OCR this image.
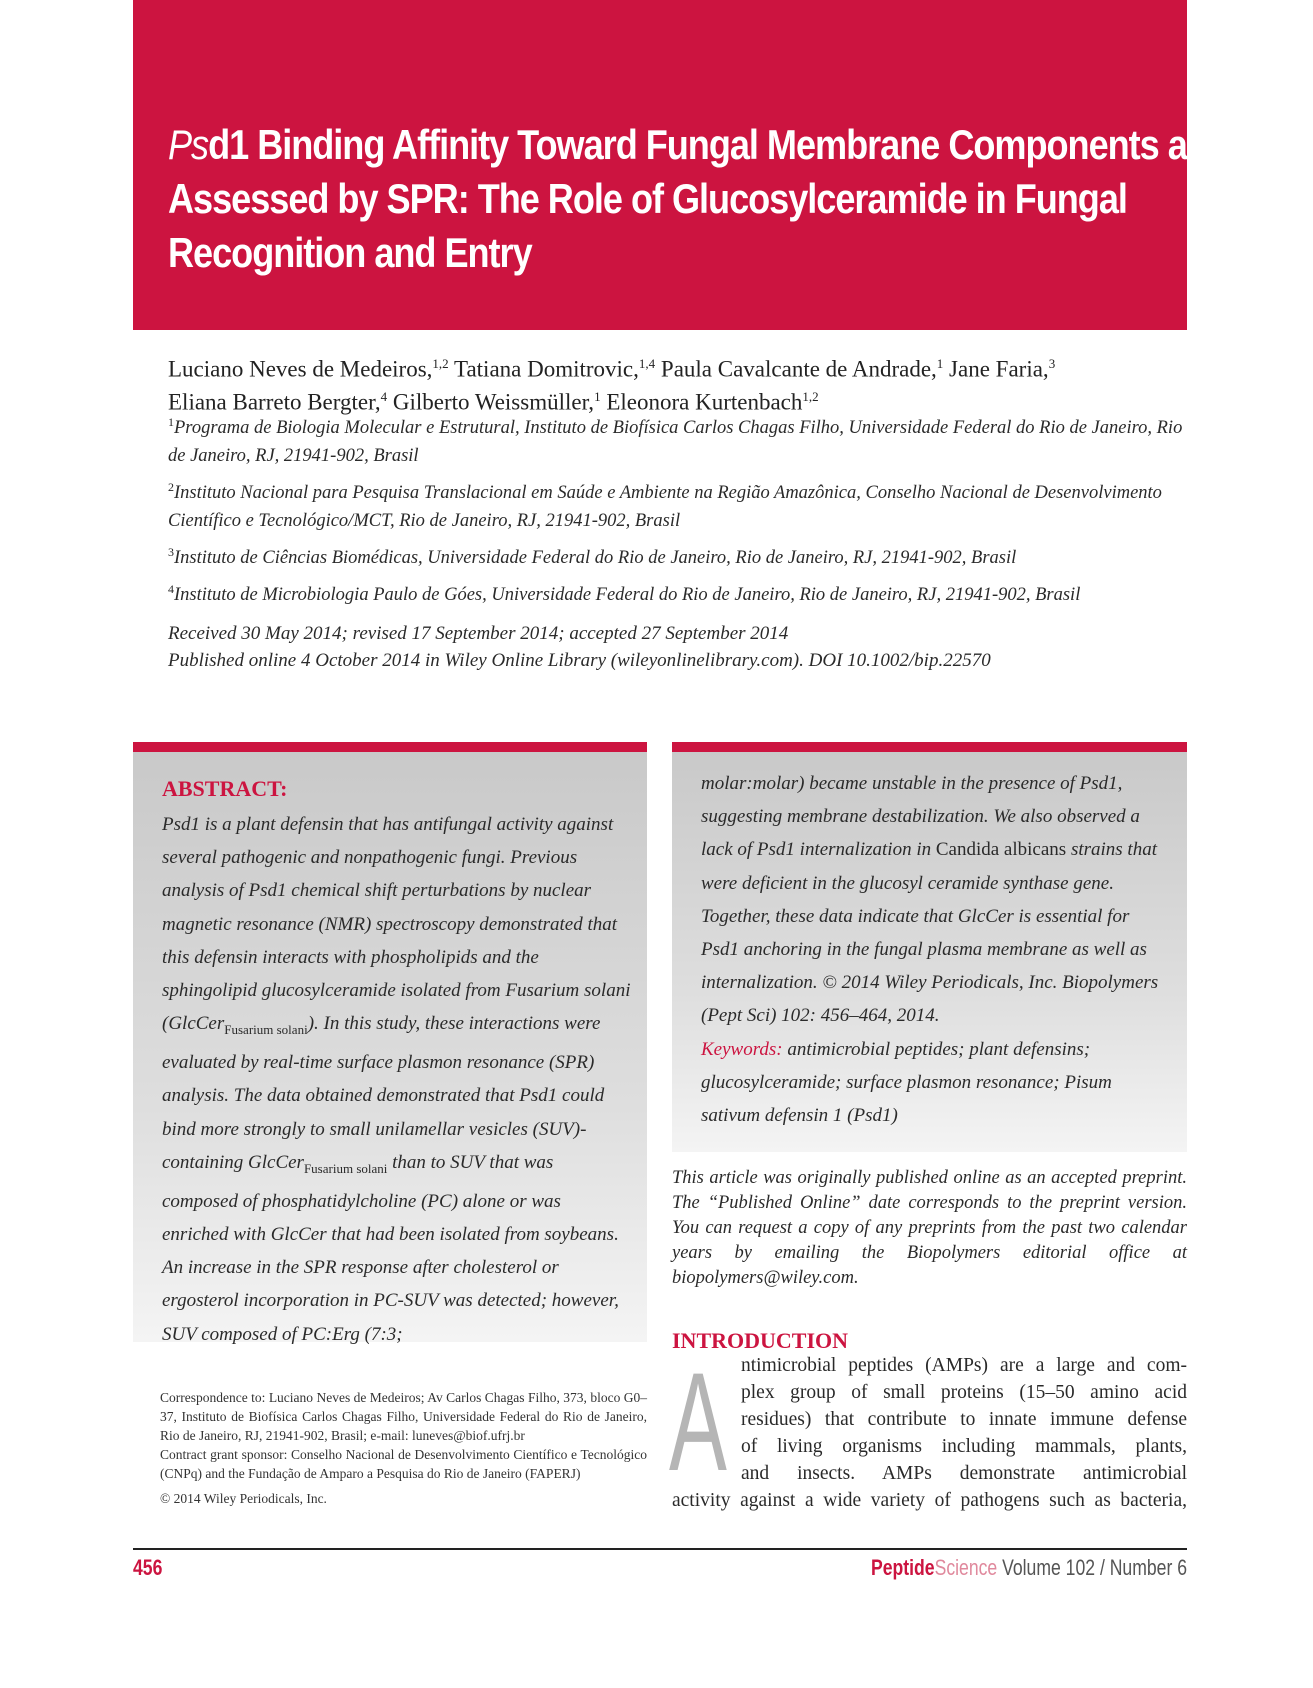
Psd1 Binding Affinity Toward Fungal Membrane Components as
Assessed by SPR: The Role of Glucosylceramide in Fungal
Recognition and Entry
Luciano Neves de Medeiros,$^{1,2}$ Tatiana Domitrovic,$^{1,4}$ Paula Cavalcante de Andrade,$^1$ Jane Faria,$^3$
Eliana Barreto Bergter,$^4$ Gilberto Weissmüller,$^1$ Eleonora Kurtenbach$^{1,2}$
$^1$Programa de Biologia Molecular e Estrutural, Instituto de Biofísica Carlos Chagas Filho, Universidade Federal do Rio de Janeiro, Rio de Janeiro, RJ, 21941-902, Brasil
$^2$Instituto Nacional para Pesquisa Translacional em Saúde e Ambiente na Região Amazônica, Conselho Nacional de Desenvolvimento Científico e Tecnológico/MCT, Rio de Janeiro, RJ, 21941-902, Brasil
$^3$Instituto de Ciências Biomédicas, Universidade Federal do Rio de Janeiro, Rio de Janeiro, RJ, 21941-902, Brasil
$^4$Instituto de Microbiologia Paulo de Góes, Universidade Federal do Rio de Janeiro, Rio de Janeiro, RJ, 21941-902, Brasil
Received 30 May 2014; revised 17 September 2014; accepted 27 September 2014
Published online 4 October 2014 in Wiley Online Library (wileyonlinelibrary.com). DOI 10.1002/bip.22570
ABSTRACT:

Psd1 is a plant defensin that has antifungal activity against several pathogenic and nonpathogenic fungi. Previous analysis of Psd1 chemical shift perturbations by nuclear magnetic resonance (NMR) spectroscopy demonstrated that this defensin interacts with phospholipids and the sphingolipid glucosylceramide isolated from Fusarium solani (GlcCer$_{Fusarium solani}$). In this study, these interactions were evaluated by real-time surface plasmon resonance (SPR) analysis. The data obtained demonstrated that Psd1 could bind more strongly to small unilamellar vesicles (SUV)-containing GlcCer$_{Fusarium solani}$ than to SUV that was composed of phosphatidylcholine (PC) alone or was enriched with GlcCer that had been isolated from soybeans. An increase in the SPR response after cholesterol or ergosterol incorporation in PC-SUV was detected; however, SUV composed of PC:Erg (7:3;

molar:molar) became unstable in the presence of Psd1, suggesting membrane destabilization. We also observed a lack of Psd1 internalization in Candida albicans strains that were deficient in the glucosyl ceramide synthase gene. Together, these data indicate that GlcCer is essential for Psd1 anchoring in the fungal plasma membrane as well as internalization. © 2014 Wiley Periodicals, Inc. Biopolymers (Pept Sci) 102: 456–464, 2014.
Keywords: antimicrobial peptides; plant defensins; glucosylceramide; surface plasmon resonance; Pisum sativum defensin 1 (Psd1)

This article was originally published online as an accepted preprint. The “Published Online” date corresponds to the preprint version. You can request a copy of any preprints from the past two calendar years by emailing the Biopolymers editorial office at biopolymers@wiley.com.

INTRODUCTION
A ntimicrobial peptides (AMPs) are a large and com-
plex group of small proteins (15–50 amino acid
residues) that contribute to innate immune defense
of living organisms including mammals, plants,
and insects. AMPs demonstrate antimicrobial
activity against a wide variety of pathogens such as bacteria,

Correspondence to: Luciano Neves de Medeiros; Av Carlos Chagas Filho, 373, bloco G0–37, Instituto de Biofísica Carlos Chagas Filho, Universidade Federal do Rio de Janeiro, Rio de Janeiro, RJ, 21941-902, Brasil; e-mail: luneves@biof.ufrj.br

Contract grant sponsor: Conselho Nacional de Desenvolvimento Científico e Tecnológico (CNPq) and the Fundação de Amparo a Pesquisa do Rio de Janeiro (FAPERJ)

© 2014 Wiley Periodicals, Inc.

456	PeptideScience Volume 102 / Number 6
